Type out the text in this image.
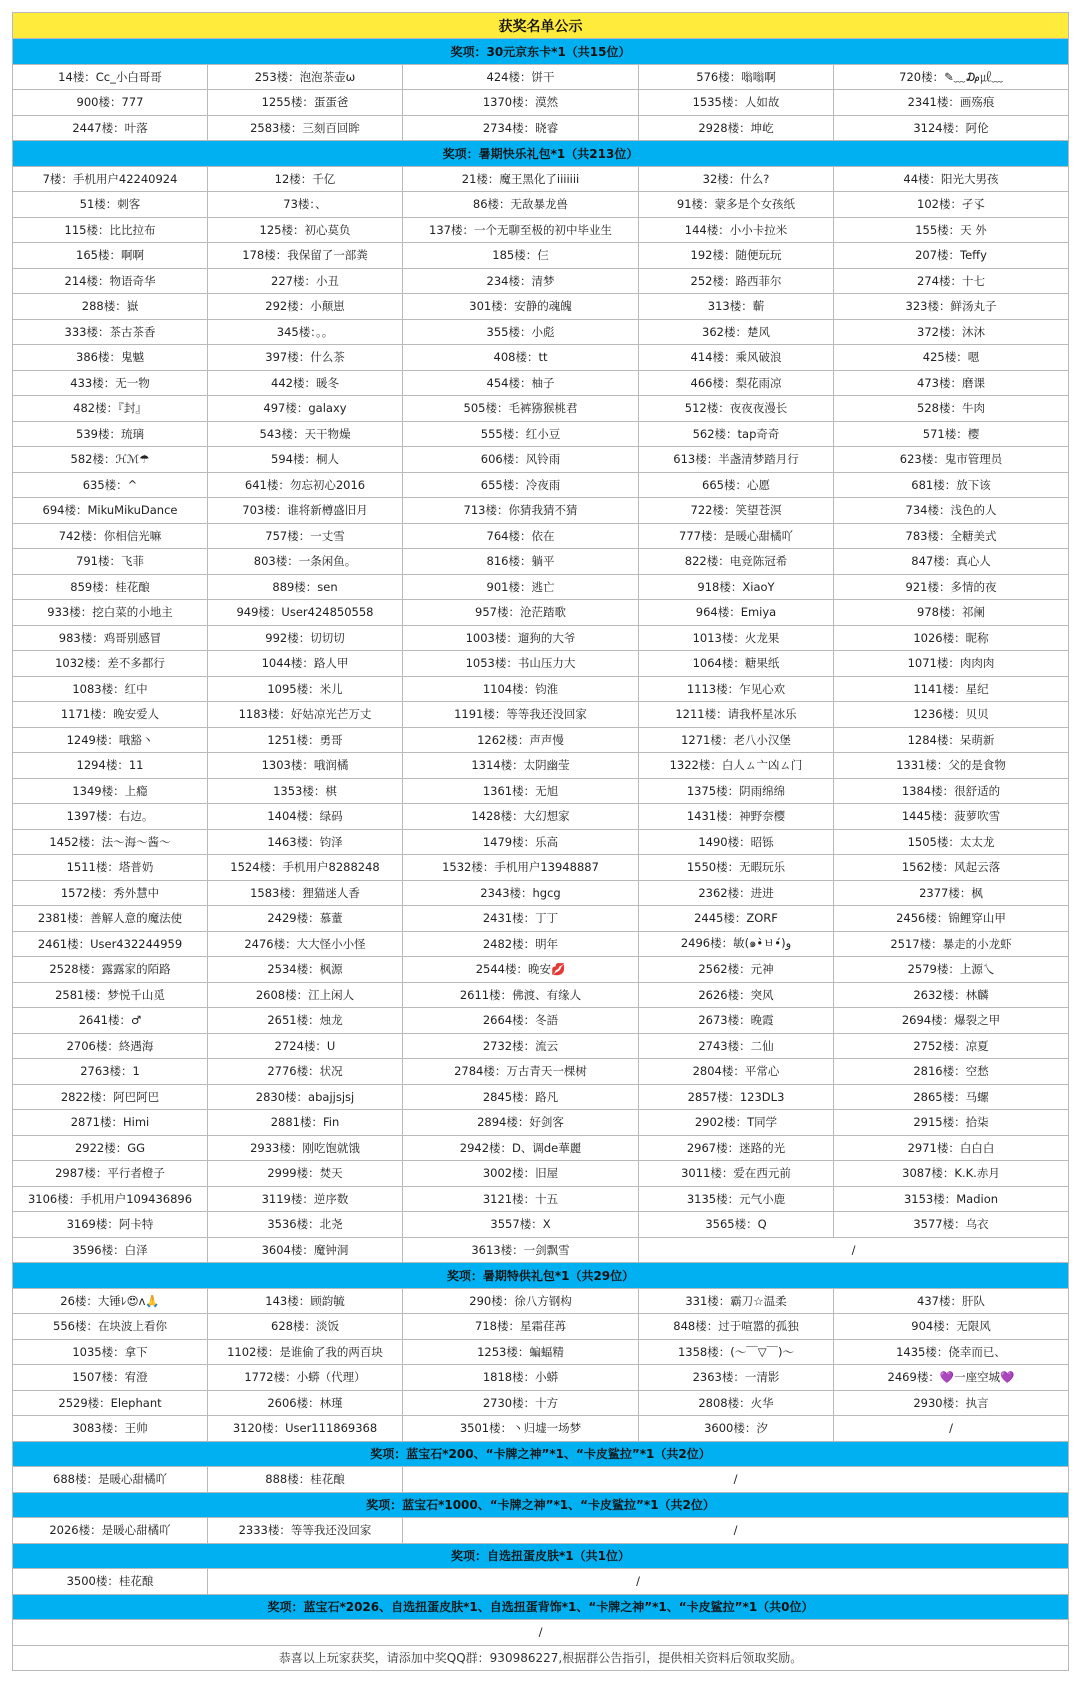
获奖名单公示				
奖项：30元京东卡*1（共15位）				
14楼：Cc_小白哥哥	253楼：泡泡茶壶ω	424楼：饼干	576楼：嗡嗡啊	720楼：✎﹏₯㎕﹏
900楼：777	1255楼：蛋蛋爸	1370楼：漠然	1535楼：人如故	2341楼：画殇痕
2447楼：叶落	2583楼：三刻百回眸	2734楼：晓睿	2928楼：坤屹	3124楼：阿伦
奖项：暑期快乐礼包*1（共213位）				
7楼：手机用户42240924	12楼：千亿	21楼：魔王黑化了iiiiiii	32楼：什么?	44楼：阳光大男孩
51楼：刺客	73楼：、	86楼：无敌暴龙兽	91楼：蒙多是个女孩纸	102楼：孑孓
115楼：比比拉布	125楼：初心莫负	137楼：一个无聊至极的初中毕业生	144楼：小小卡拉米	155楼：天 外
165楼：啊啊	178楼：我保留了一部粪	185楼：仨	192楼：随便玩玩	207楼：Teffy
214楼：物语奇华	227楼：小丑	234楼：清梦	252楼：路西菲尔	274楼：十七
288楼：嶽	292楼：小颠崽	301楼：安静的魂魄	313楼：蘄	323楼：鲜汤丸子
333楼：茶古茶香	345楼：。。	355楼：小彪	362楼：楚风	372楼：沐沐
386楼：鬼魆	397楼：什么茶	408楼：tt	414楼：乘风破浪	425楼：嗯
433楼：无一物	442楼：暖冬	454楼：柚子	466楼：梨花雨凉	473楼：磨课
482楼：『封』	497楼：galaxy	505楼：毛裤猕猴桃君	512楼：夜夜夜漫长	528楼：牛肉
539楼：琉璃	543楼：天干物燥	555楼：红小豆	562楼：tap奇奇	571楼：樱
582楼：ℋℳ☂	594楼：桐人	606楼：风铃雨	613楼：半盏清梦踏月行	623楼：鬼市管理员
635楼：^	641楼：勿忘初心2016	655楼：冷夜雨	665楼：心愿	681楼：放下该
694楼：MikuMikuDance	703楼：谁将新樽盛旧月	713楼：你猜我猜不猜	722楼：笑望苍溟	734楼：浅色的人
742楼：你相信光嘛	757楼：一丈雪	764楼：依在	777楼：是暖心甜橘吖	783楼：全糖美式
791楼：飞菲	803楼：一条闲鱼。	816楼：躺平	822楼：电竞陈冠希	847楼：真心人
859楼：桂花酿	889楼：sen	901楼：逃亡	918楼：XiaoY	921楼：多情的夜
933楼：挖白菜的小地主	949楼：User424850558	957楼：沧茫踏歌	964楼：Emiya	978楼：祁阑
983楼：鸡哥别感冒	992楼：切切切	1003楼：遛狗的大爷	1013楼：火龙果	1026楼：昵称
1032楼：差不多都行	1044楼：路人甲	1053楼：书山压力大	1064楼：糖果纸	1071楼：肉肉肉
1083楼：红中	1095楼：米儿	1104楼：钧淮	1113楼：乍见心欢	1141楼：星纪
1171楼：晚安爱人	1183楼：好姑凉光芒万丈	1191楼：等等我还没回家	1211楼：请我杯星冰乐	1236楼：贝贝
1249楼：哦豁丶	1251楼：勇哥	1262楼：声声慢	1271楼：老八小汉堡	1284楼：呆萌新
1294楼：11	1303楼：哦润橘	1314楼：太阴幽莹	1322楼：白人ㄙ亠凶ㄙ门	1331楼：父的是食物
1349楼：上瘾	1353楼：棋	1361楼：无旭	1375楼：阴雨绵绵	1384楼：很舒适的
1397楼：右边。	1404楼：绿码	1428楼：大幻想家	1431楼：神野奈樱	1445楼：菠萝吹雪
1452楼：法～海～酱～	1463楼：钧泽	1479楼：乐高	1490楼：昭铄	1505楼：太太龙
1511楼：塔普奶	1524楼：手机用户8288248	1532楼：手机用户13948887	1550楼：无暇玩乐	1562楼：风起云落
1572楼：秀外慧中	1583楼：狸猫迷人香	2343楼：hgcg	2362楼：进进	2377楼：枫
2381楼：善解人意的魔法使	2429楼：慕蕫	2431楼：丁丁	2445楼：ZORF	2456楼：锦鲤穿山甲
2461楼：User432244959	2476楼：大大怪小小怪	2482楼：明年	2496楼：敏(๑•̀ㅂ•́)و	2517楼：暴走的小龙虾
2528楼：露露家的陌路	2534楼：枫源	2544楼：晚安💋	2562楼：元神	2579楼：上源乀
2581楼：梦悦千山觅	2608楼：江上闲人	2611楼：佛渡、有缘人	2626楼：突风	2632楼：林麟
2641楼：♂	2651楼：烛龙	2664楼：冬語	2673楼：晚霞	2694楼：爆裂之甲
2706楼：終遇海	2724楼：U	2732楼：流云	2743楼：二仙	2752楼：凉夏
2763楼：1	2776楼：状况	2784楼：万古青天一棵树	2804楼：平常心	2816楼：空愁
2822楼：阿巴阿巴	2830楼：abajjsjsj	2845楼：路凡	2857楼：123DL3	2865楼：马螺
2871楼：Himi	2881楼：Fin	2894楼：好剑客	2902楼：T同学	2915楼：拾柒
2922楼：GG	2933楼：刚吃饱就饿	2942楼：D、调de華麗	2967楼：迷路的光	2971楼：白白白
2987楼：平行者橙子	2999楼：焚天	3002楼：旧屋	3011楼：爱在西元前	3087楼：K.K.赤月
3106楼：手机用户109436896	3119楼：逆序数	3121楼：十五	3135楼：元气小鹿	3153楼：Madion
3169楼：阿卡特	3536楼：北尧	3557楼：X	3565楼：Q	3577楼：乌衣
3596楼：白泽	3604楼：魔钟洞	3613楼：一剑飘雪	/	
奖项：暑期特供礼包*1（共29位）				
26楼：大锤ﾚ😍ʌ🙏	143楼：顾韵毓	290楼：徐八方钢构	331楼：霸刀☆温柔	437楼：肝队
556楼：在块波上看你	628楼：淡饭	718楼：星霜荏苒	848楼：过于喧嚣的孤独	904楼：无限风
1035楼：拿下	1102楼：是谁偷了我的两百块	1253楼：蝙蝠精	1358楼：(～￣▽￣)～	1435楼：侥幸而已、
1507楼：宥澄	1772楼：小蟒（代理）	1818楼：小蟒	2363楼：一清影	2469楼：💜一座空城💜
2529楼：Elephant	2606楼：林瑾	2730楼：十方	2808楼：火华	2930楼：执言
3083楼：王帅	3120楼：User111869368	3501楼：丶归墟一场梦	3600楼：汐	/
奖项：蓝宝石*200、“卡牌之神”*1、“卡皮鲨拉”*1（共2位）				
688楼：是暖心甜橘吖	888楼：桂花酿	/		
奖项：蓝宝石*1000、“卡牌之神”*1、“卡皮鲨拉”*1（共2位）				
2026楼：是暖心甜橘吖	2333楼：等等我还没回家	/		
奖项：自选扭蛋皮肤*1（共1位）				
3500楼：桂花酿	/			
奖项：蓝宝石*2026、自选扭蛋皮肤*1、自选扭蛋背饰*1、“卡牌之神”*1、“卡皮鲨拉”*1（共0位）				
/				
恭喜以上玩家获奖，请添加中奖QQ群：930986227,根据群公告指引，提供相关资料后领取奖励。				
